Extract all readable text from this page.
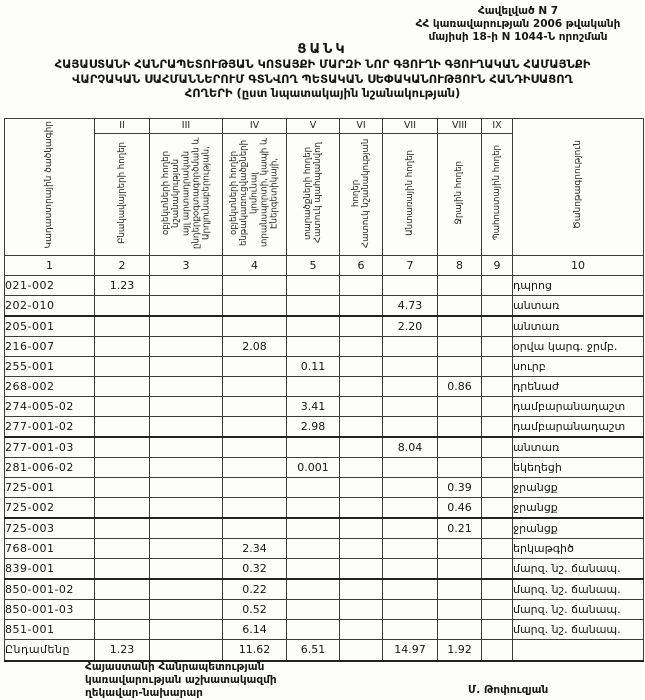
Հավելված N 7
ՀՀ կառավարության 2006 թվականի
մայիսի 18-ի N 1044-Ն որոշման
ՑԱՆԿ
ՀԱՅԱՍՏԱՆԻ ՀԱՆՐԱՊԵՏՈՒԹՅԱՆ ԿՈՏԱՅՔԻ ՄԱՐԶԻ ՆՈՐ ԳՅՈՒՂԻ ԳՅՈՒՂԱԿԱՆ ՀԱՄԱՅՆՔԻ
ՎԱՐՉԱԿԱՆ ՍԱՀՄԱՆՆԵՐՈՒՄ ԳՏՆՎՈՂ ՊԵՏԱԿԱՆ ՍԵՓԱԿԱՆՈՒԹՅՈՒՆ ՀԱՆԴԻՍԱՑՈՂ
ՀՈՂԵՐԻ (ըստ նպատակային նշանակության)
Կադաստրային ծածկագիր	II	III	IV	V	VI	VII	VIII	IX	Ծանոթագրություն
	Բնակավայրերի հողեր	Արդյունաբերության, ընդերքօգտագործման և այլ արտադրական նշանակության օբյեկտների հողեր	Էներգետիկայի, տրանսպորտի, կապի և կոմունալ ենթակառուցվածքների օբյեկտների հողեր	Հատուկ պահպանվող տարածքների հողեր	Հատուկ նշանակության հողեր	Անտառային հողեր	Ջրային հողեր	Պահուստային հողեր	
1	2	3	4	5	6	7	8	9	10
021-002	1.23								դպրոց
202-010						4.73			անտառ
205-001						2.20			անտառ
216-007			2.08						օրվա կարգ. ջրմբ.
255-001				0.11					սուրբ
268-002							0.86		դրենաժ
274-005-02				3.41					դամբարանադաշտ
277-001-02				2.98					դամբարանադաշտ
277-001-03						8.04			անտառ
281-006-02				0.001					եկեղեցի
725-001							0.39		ջրանցք
725-002							0.46		ջրանցք
725-003							0.21		ջրանցք
768-001			2.34						երկաթգիծ
839-001			0.32						մարզ. նշ. ճանապ.
850-001-02			0.22						մարզ. նշ. ճանապ.
850-001-03			0.52						մարզ. նշ. ճանապ.
851-001			6.14						մարզ. նշ. ճանապ.
Ընդամենը	1.23		11.62	6.51		14.97	1.92		
Հայաստանի Հանրապետության
կառավարության աշխատակազմի
ղեկավար-նախարար	Մ. Թոփուզյան
